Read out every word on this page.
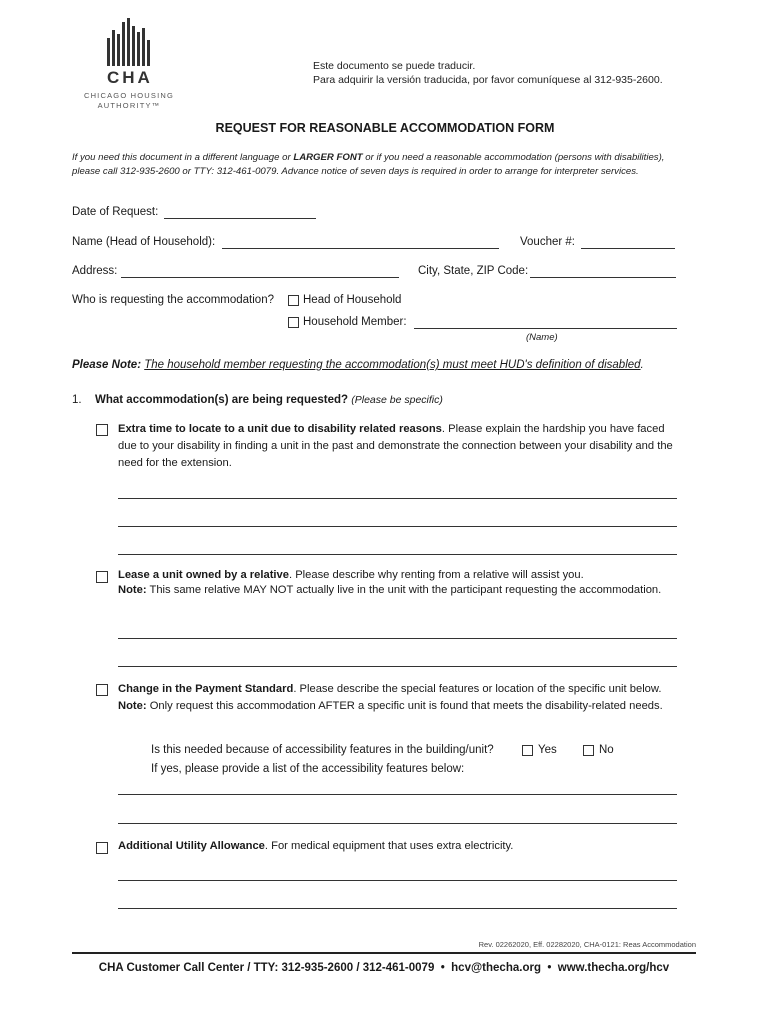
CHA
CHICAGO HOUSING
AUTHORITY™
Este documento se puede traducir.
Para adquirir la versión traducida, por favor comuníquese al 312-935-2600.
REQUEST FOR REASONABLE ACCOMMODATION FORM
If you need this document in a different language or LARGER FONT or if you need a reasonable accommodation (persons with disabilities), please call 312-935-2600 or TTY: 312-461-0079. Advance notice of seven days is required in order to arrange for interpreter services.
Date of Request:
Name (Head of Household):	Voucher #:
Address:	City, State, ZIP Code:
Who is requesting the accommodation?	Head of Household
Household Member:
(Name)
Please Note: The household member requesting the accommodation(s) must meet HUD's definition of disabled.
1. What accommodation(s) are being requested? (Please be specific)
Extra time to locate to a unit due to disability related reasons. Please explain the hardship you have faced due to your disability in finding a unit in the past and demonstrate the connection between your disability and the need for the extension.
Lease a unit owned by a relative. Please describe why renting from a relative will assist you.
Note: This same relative MAY NOT actually live in the unit with the participant requesting the accommodation.
Change in the Payment Standard. Please describe the special features or location of the specific unit below. Note: Only request this accommodation AFTER a specific unit is found that meets the disability-related needs.
Is this needed because of accessibility features in the building/unit?	Yes	No
If yes, please provide a list of the accessibility features below:
Additional Utility Allowance. For medical equipment that uses extra electricity.
Rev. 02262020, Eff. 02282020, CHA-0121: Reas Accommodation
CHA Customer Call Center / TTY: 312-935-2600 / 312-461-0079 • hcv@thecha.org • www.thecha.org/hcv
